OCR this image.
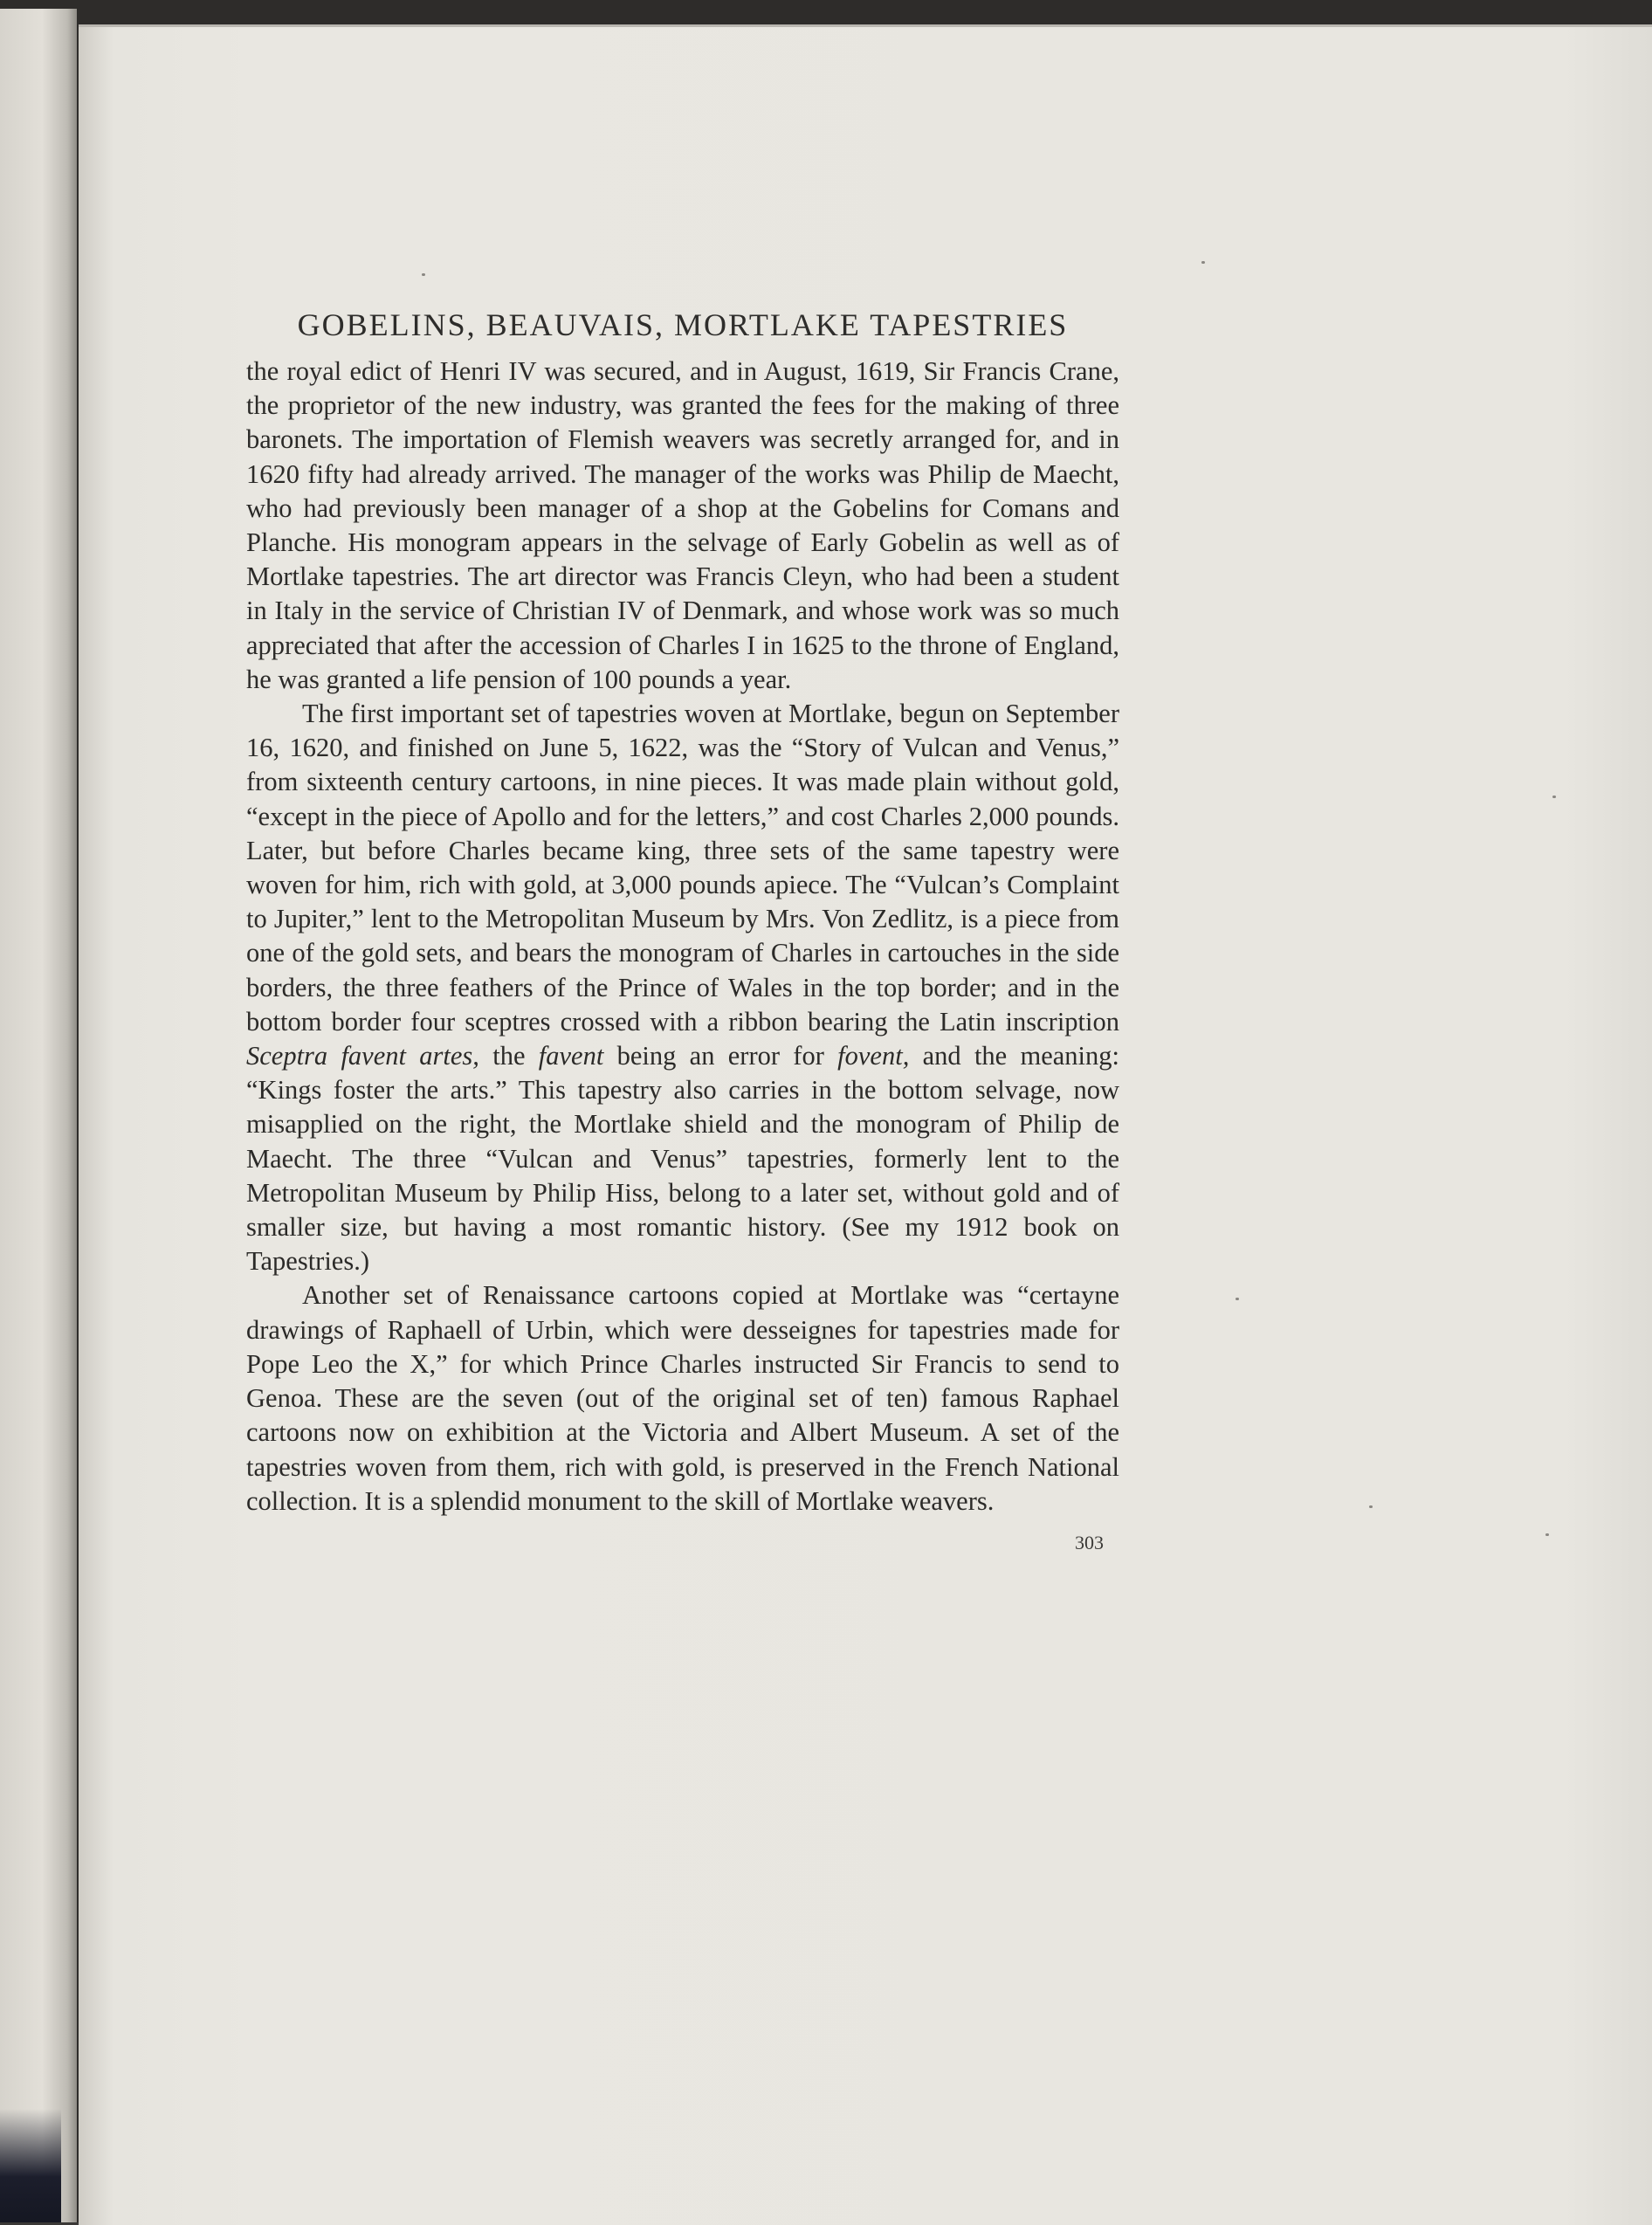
GOBELINS, BEAUVAIS, MORTLAKE TAPESTRIES

the royal edict of Henri IV was secured, and in August, 1619, Sir Francis Crane, the proprietor of the new industry, was granted the fees for the making of three baronets. The importation of Flemish weavers was secretly arranged for, and in 1620 fifty had already arrived. The manager of the works was Philip de Maecht, who had previously been manager of a shop at the Gobelins for Comans and Planche. His monogram appears in the selvage of Early Gobelin as well as of Mortlake tapestries. The art director was Francis Cleyn, who had been a student in Italy in the service of Christian IV of Denmark, and whose work was so much appreciated that after the accession of Charles I in 1625 to the throne of England, he was granted a life pension of 100 pounds a year.

The first important set of tapestries woven at Mortlake, begun on September 16, 1620, and finished on June 5, 1622, was the “Story of Vulcan and Venus,” from sixteenth century cartoons, in nine pieces. It was made plain without gold, “except in the piece of Apollo and for the letters,” and cost Charles 2,000 pounds. Later, but before Charles became king, three sets of the same tapestry were woven for him, rich with gold, at 3,000 pounds apiece. The “Vulcan’s Complaint to Jupiter,” lent to the Metropolitan Museum by Mrs. Von Zedlitz, is a piece from one of the gold sets, and bears the monogram of Charles in cartouches in the side borders, the three feathers of the Prince of Wales in the top border; and in the bottom border four sceptres crossed with a ribbon bearing the Latin inscription Sceptra favent artes, the favent being an error for fovent, and the meaning: “Kings foster the arts.” This tapestry also carries in the bottom selvage, now misapplied on the right, the Mortlake shield and the monogram of Philip de Maecht. The three “Vulcan and Venus” tapestries, formerly lent to the Metropolitan Museum by Philip Hiss, belong to a later set, without gold and of smaller size, but having a most romantic history. (See my 1912 book on Tapestries.)

Another set of Renaissance cartoons copied at Mortlake was “certayne drawings of Raphaell of Urbin, which were desseignes for tapestries made for Pope Leo the X,” for which Prince Charles instructed Sir Francis to send to Genoa. These are the seven (out of the original set of ten) famous Raphael cartoons now on exhibition at the Victoria and Albert Museum. A set of the tapestries woven from them, rich with gold, is preserved in the French National collection. It is a splendid monument to the skill of Mortlake weavers.

303
